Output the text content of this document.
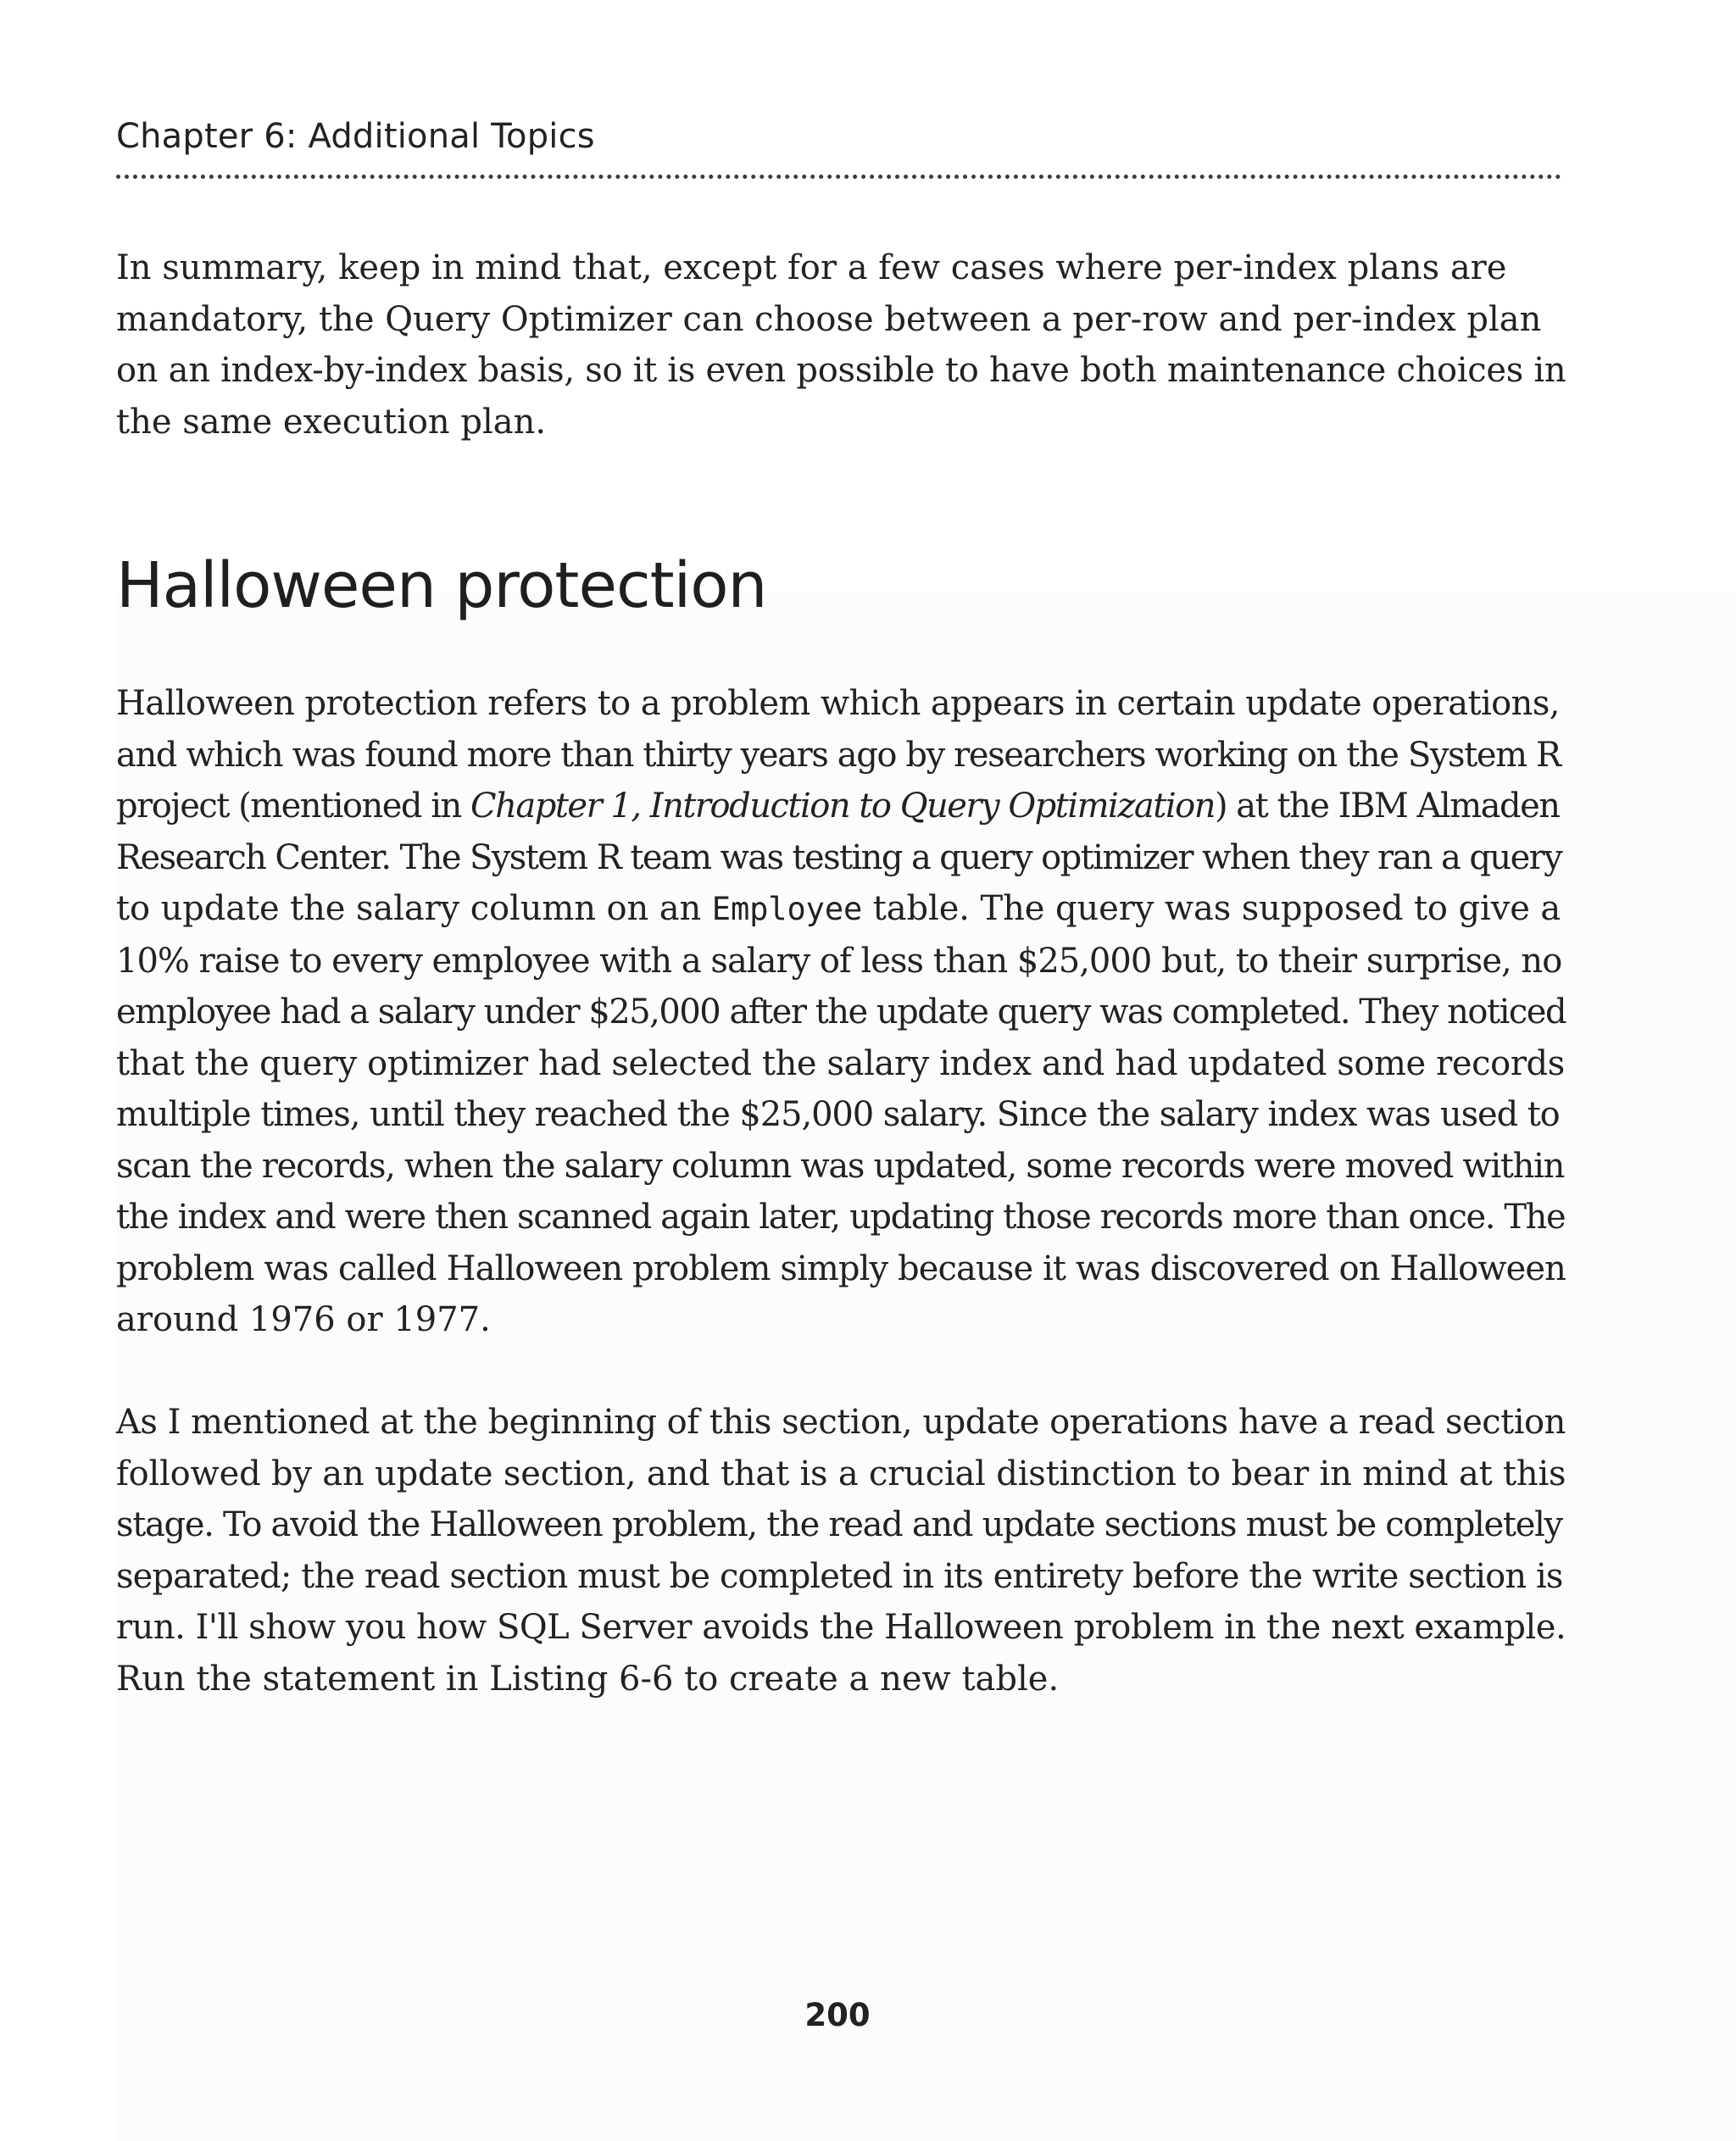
Chapter 6: Additional Topics

In summary, keep in mind that, except for a few cases where per-index plans are
mandatory, the Query Optimizer can choose between a per-row and per-index plan
on an index-by-index basis, so it is even possible to have both maintenance choices in
the same execution plan.

Halloween protection

Halloween protection refers to a problem which appears in certain update operations,
and which was found more than thirty years ago by researchers working on the System R
project (mentioned in Chapter 1, Introduction to Query Optimization) at the IBM Almaden
Research Center. The System R team was testing a query optimizer when they ran a query
to update the salary column on an Employee table. The query was supposed to give a
10% raise to every employee with a salary of less than $25,000 but, to their surprise, no
employee had a salary under $25,000 after the update query was completed. They noticed
that the query optimizer had selected the salary index and had updated some records
multiple times, until they reached the $25,000 salary. Since the salary index was used to
scan the records, when the salary column was updated, some records were moved within
the index and were then scanned again later, updating those records more than once. The
problem was called Halloween problem simply because it was discovered on Halloween
around 1976 or 1977.

As I mentioned at the beginning of this section, update operations have a read section
followed by an update section, and that is a crucial distinction to bear in mind at this
stage. To avoid the Halloween problem, the read and update sections must be completely
separated; the read section must be completed in its entirety before the write section is
run. I'll show you how SQL Server avoids the Halloween problem in the next example.
Run the statement in Listing 6-6 to create a new table.

200
